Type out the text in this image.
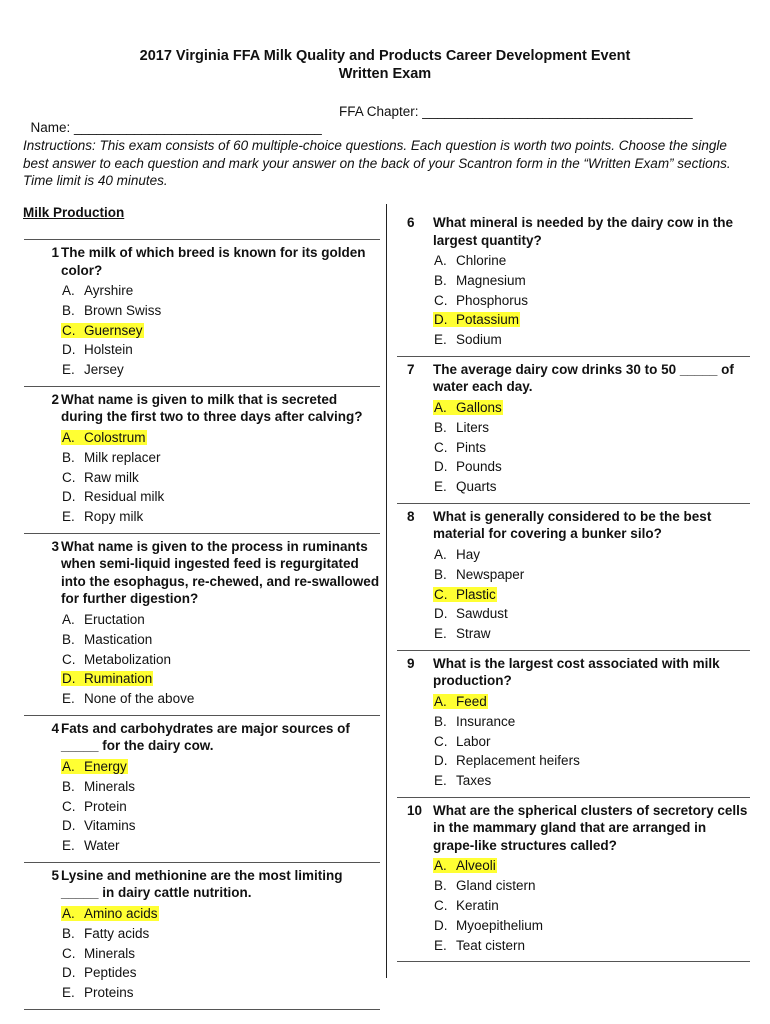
2017 Virginia FFA Milk Quality and Products Career Development Event
Written Exam

Name: _________________________________

FFA Chapter: ____________________________________

Instructions: This exam consists of 60 multiple-choice questions. Each question is worth two points. Choose the single best answer to each question and mark your answer on the back of your Scantron form in the “Written Exam” sections. Time limit is 40 minutes.
Milk Production
1 The milk of which breed is known for its golden color?
A. Ayrshire
B. Brown Swiss
C. Guernsey
D. Holstein
E. Jersey
2 What name is given to milk that is secreted during the first two to three days after calving?
A. Colostrum
B. Milk replacer
C. Raw milk
D. Residual milk
E. Ropy milk
3 What name is given to the process in ruminants when semi-liquid ingested feed is regurgitated into the esophagus, re-chewed, and re-swallowed for further digestion?
A. Eructation
B. Mastication
C. Metabolization
D. Rumination
E. None of the above
4 Fats and carbohydrates are major sources of _____ for the dairy cow.
A. Energy
B. Minerals
C. Protein
D. Vitamins
E. Water
5 Lysine and methionine are the most limiting _____ in dairy cattle nutrition.
A. Amino acids
B. Fatty acids
C. Minerals
D. Peptides
E. Proteins
6	What mineral is needed by the dairy cow in the largest quantity?
A. Chlorine
B. Magnesium
C. Phosphorus
D. Potassium
E. Sodium
7	The average dairy cow drinks 30 to 50 _____ of water each day.
A. Gallons
B. Liters
C. Pints
D. Pounds
E. Quarts
8	What is generally considered to be the best material for covering a bunker silo?
A. Hay
B. Newspaper
C. Plastic
D. Sawdust
E. Straw
9	What is the largest cost associated with milk production?
A. Feed
B. Insurance
C. Labor
D. Replacement heifers
E. Taxes
10 What are the spherical clusters of secretory cells in the mammary gland that are arranged in grape-like structures called?
A. Alveoli
B. Gland cistern
C. Keratin
D. Myoepithelium
E. Teat cistern
